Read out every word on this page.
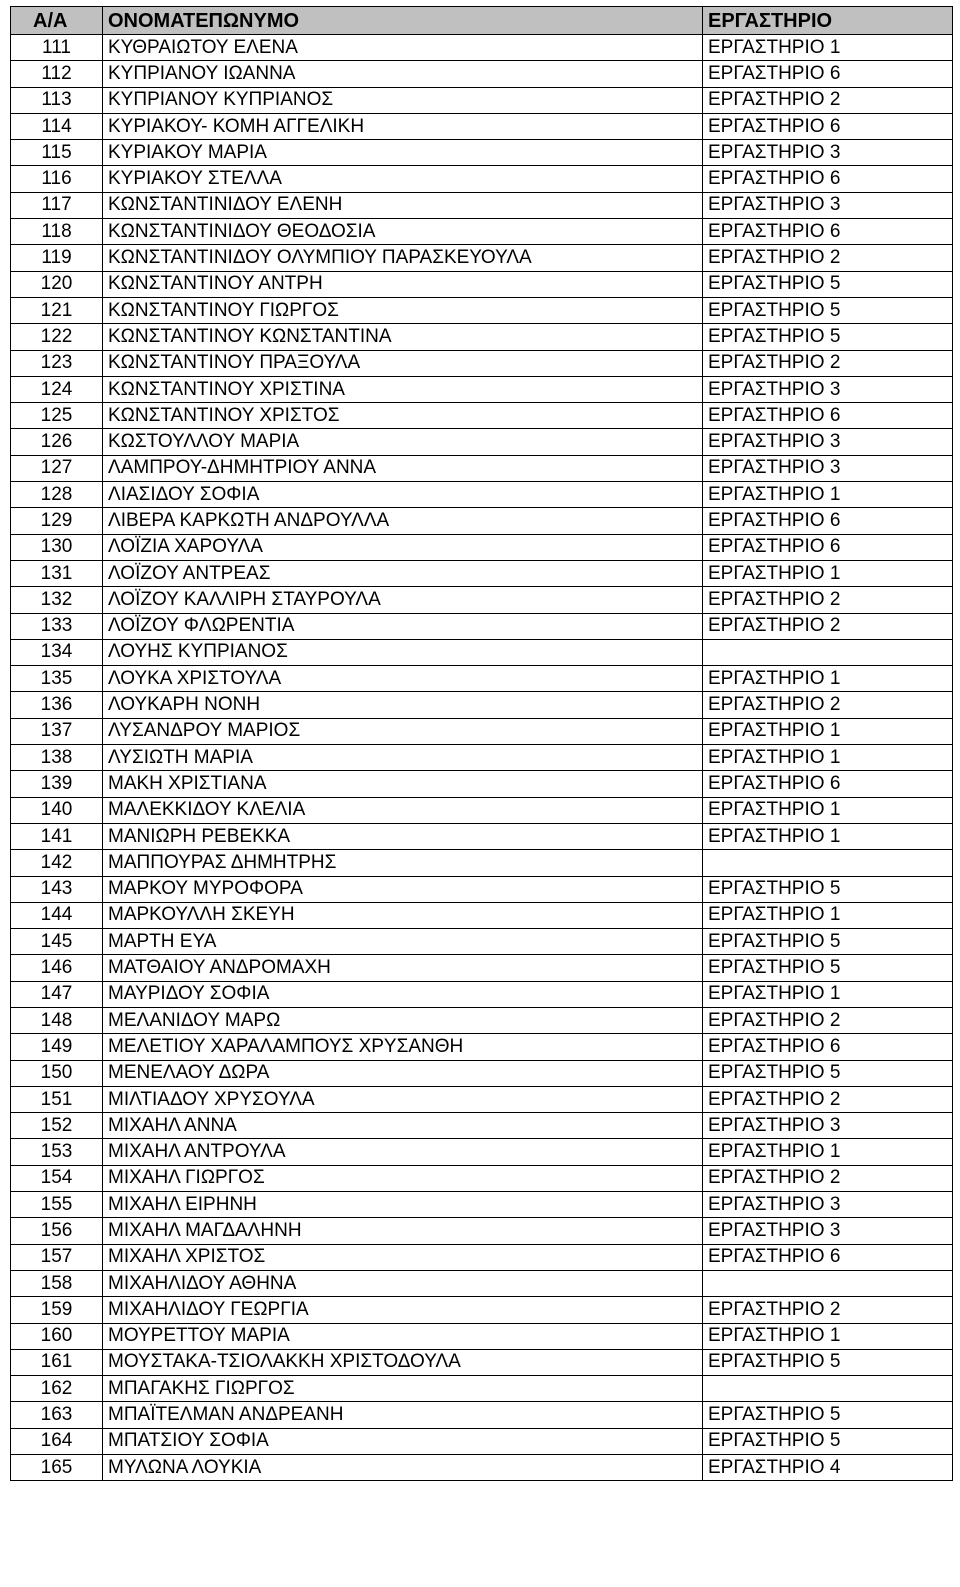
Α/Α	ΟΝΟΜΑΤΕΠΩΝΥΜΟ	ΕΡΓΑΣΤΗΡΙΟ
111	ΚΥΘΡΑΙΩΤΟΥ ΕΛΕΝΑ	ΕΡΓΑΣΤΗΡΙΟ 1
112	ΚΥΠΡΙΑΝΟΥ ΙΩΑΝΝΑ	ΕΡΓΑΣΤΗΡΙΟ 6
113	ΚΥΠΡΙΑΝΟΥ ΚΥΠΡΙΑΝΟΣ	ΕΡΓΑΣΤΗΡΙΟ 2
114	ΚΥΡΙΑΚΟΥ- ΚΟΜΗ ΑΓΓΕΛΙΚΗ	ΕΡΓΑΣΤΗΡΙΟ 6
115	ΚΥΡΙΑΚΟΥ ΜΑΡΙΑ	ΕΡΓΑΣΤΗΡΙΟ 3
116	ΚΥΡΙΑΚΟΥ ΣΤΕΛΛΑ	ΕΡΓΑΣΤΗΡΙΟ 6
117	ΚΩΝΣΤΑΝΤΙΝΙΔΟΥ ΕΛΕΝΗ	ΕΡΓΑΣΤΗΡΙΟ 3
118	ΚΩΝΣΤΑΝΤΙΝΙΔΟΥ ΘΕΟΔΟΣΙΑ	ΕΡΓΑΣΤΗΡΙΟ 6
119	ΚΩΝΣΤΑΝΤΙΝΙΔΟΥ ΟΛΥΜΠΙΟΥ ΠΑΡΑΣΚΕΥΟΥΛΑ	ΕΡΓΑΣΤΗΡΙΟ 2
120	ΚΩΝΣΤΑΝΤΙΝΟΥ ΑΝΤΡΗ	ΕΡΓΑΣΤΗΡΙΟ 5
121	ΚΩΝΣΤΑΝΤΙΝΟΥ ΓΙΩΡΓΟΣ	ΕΡΓΑΣΤΗΡΙΟ 5
122	ΚΩΝΣΤΑΝΤΙΝΟΥ ΚΩΝΣΤΑΝΤΙΝΑ	ΕΡΓΑΣΤΗΡΙΟ 5
123	ΚΩΝΣΤΑΝΤΙΝΟΥ ΠΡΑΞΟΥΛΑ	ΕΡΓΑΣΤΗΡΙΟ 2
124	ΚΩΝΣΤΑΝΤΙΝΟΥ ΧΡΙΣΤΙΝΑ	ΕΡΓΑΣΤΗΡΙΟ 3
125	ΚΩΝΣΤΑΝΤΙΝΟΥ ΧΡΙΣΤΟΣ	ΕΡΓΑΣΤΗΡΙΟ 6
126	ΚΩΣΤΟΥΛΛΟΥ ΜΑΡΙΑ	ΕΡΓΑΣΤΗΡΙΟ 3
127	ΛΑΜΠΡΟΥ-ΔΗΜΗΤΡΙΟΥ ΑΝΝΑ	ΕΡΓΑΣΤΗΡΙΟ 3
128	ΛΙΑΣΙΔΟΥ ΣΟΦΙΑ	ΕΡΓΑΣΤΗΡΙΟ 1
129	ΛΙΒΕΡΑ ΚΑΡΚΩΤΗ ΑΝΔΡΟΥΛΛΑ	ΕΡΓΑΣΤΗΡΙΟ 6
130	ΛΟΪΖΙΑ ΧΑΡΟΥΛΑ	ΕΡΓΑΣΤΗΡΙΟ 6
131	ΛΟΪΖΟΥ ΑΝΤΡΕΑΣ	ΕΡΓΑΣΤΗΡΙΟ 1
132	ΛΟΪΖΟΥ ΚΑΛΛΙΡΗ ΣΤΑΥΡΟΥΛΑ	ΕΡΓΑΣΤΗΡΙΟ 2
133	ΛΟΪΖΟΥ ΦΛΩΡΕΝΤΙΑ	ΕΡΓΑΣΤΗΡΙΟ 2
134	ΛΟΥΗΣ ΚΥΠΡΙΑΝΟΣ	
135	ΛΟΥΚΑ ΧΡΙΣΤΟΥΛΑ	ΕΡΓΑΣΤΗΡΙΟ 1
136	ΛΟΥΚΑΡΗ ΝΟΝΗ	ΕΡΓΑΣΤΗΡΙΟ 2
137	ΛΥΣΑΝΔΡΟΥ ΜΑΡΙΟΣ	ΕΡΓΑΣΤΗΡΙΟ 1
138	ΛΥΣΙΩΤΗ ΜΑΡΙΑ	ΕΡΓΑΣΤΗΡΙΟ 1
139	ΜΑΚΗ ΧΡΙΣΤΙΑΝΑ	ΕΡΓΑΣΤΗΡΙΟ 6
140	ΜΑΛΕΚΚΙΔΟΥ ΚΛΕΛΙΑ	ΕΡΓΑΣΤΗΡΙΟ 1
141	ΜΑΝΙΩΡΗ ΡΕΒΕΚΚΑ	ΕΡΓΑΣΤΗΡΙΟ 1
142	ΜΑΠΠΟΥΡΑΣ ΔΗΜΗΤΡΗΣ	
143	ΜΑΡΚΟΥ ΜΥΡΟΦΟΡΑ	ΕΡΓΑΣΤΗΡΙΟ 5
144	ΜΑΡΚΟΥΛΛΗ ΣΚΕΥΗ	ΕΡΓΑΣΤΗΡΙΟ 1
145	ΜΑΡΤΗ ΕΥΑ	ΕΡΓΑΣΤΗΡΙΟ 5
146	ΜΑΤΘΑΙΟΥ ΑΝΔΡΟΜΑΧΗ	ΕΡΓΑΣΤΗΡΙΟ 5
147	ΜΑΥΡΙΔΟΥ ΣΟΦΙΑ	ΕΡΓΑΣΤΗΡΙΟ 1
148	ΜΕΛΑΝΙΔΟΥ ΜΑΡΩ	ΕΡΓΑΣΤΗΡΙΟ 2
149	ΜΕΛΕΤΙΟΥ ΧΑΡΑΛΑΜΠΟΥΣ ΧΡΥΣΑΝΘΗ	ΕΡΓΑΣΤΗΡΙΟ 6
150	ΜΕΝΕΛΑΟΥ ΔΩΡΑ	ΕΡΓΑΣΤΗΡΙΟ 5
151	ΜΙΛΤΙΑΔΟΥ ΧΡΥΣΟΥΛΑ	ΕΡΓΑΣΤΗΡΙΟ 2
152	ΜΙΧΑΗΛ ΑΝΝΑ	ΕΡΓΑΣΤΗΡΙΟ 3
153	ΜΙΧΑΗΛ ΑΝΤΡΟΥΛΑ	ΕΡΓΑΣΤΗΡΙΟ 1
154	ΜΙΧΑΗΛ ΓΙΩΡΓΟΣ	ΕΡΓΑΣΤΗΡΙΟ 2
155	ΜΙΧΑΗΛ ΕΙΡΗΝΗ	ΕΡΓΑΣΤΗΡΙΟ 3
156	ΜΙΧΑΗΛ ΜΑΓΔΑΛΗΝΗ	ΕΡΓΑΣΤΗΡΙΟ 3
157	ΜΙΧΑΗΛ ΧΡΙΣΤΟΣ	ΕΡΓΑΣΤΗΡΙΟ 6
158	ΜΙΧΑΗΛΙΔΟΥ ΑΘΗΝΑ	
159	ΜΙΧΑΗΛΙΔΟΥ ΓΕΩΡΓΙΑ	ΕΡΓΑΣΤΗΡΙΟ 2
160	ΜΟΥΡΕΤΤΟΥ ΜΑΡΙΑ	ΕΡΓΑΣΤΗΡΙΟ 1
161	ΜΟΥΣΤΑΚΑ-ΤΣΙΟΛΑΚΚΗ ΧΡΙΣΤΟΔΟΥΛΑ	ΕΡΓΑΣΤΗΡΙΟ 5
162	ΜΠΑΓΑΚΗΣ ΓΙΩΡΓΟΣ	
163	ΜΠΑΪΤΕΛΜΑΝ ΑΝΔΡΕΑΝΗ	ΕΡΓΑΣΤΗΡΙΟ 5
164	ΜΠΑΤΣΙΟΥ ΣΟΦΙΑ	ΕΡΓΑΣΤΗΡΙΟ 5
165	ΜΥΛΩΝΑ ΛΟΥΚΙΑ	ΕΡΓΑΣΤΗΡΙΟ 4
